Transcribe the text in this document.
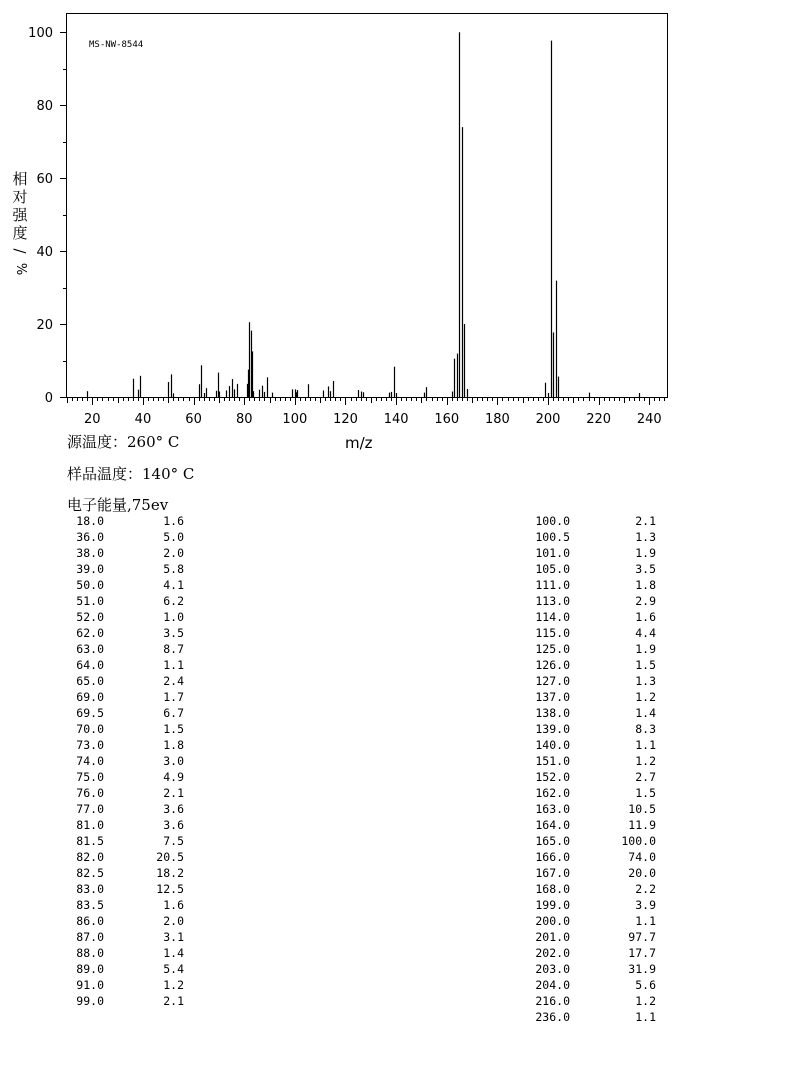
0
20
40
60
80
100
20	40	60	80 100 120 140 160 180 200 220 240
MS-NW-8544
相
对
强
度
/
%
m/z
源温度：260° C
样品温度：140° C
电子能量,75ev
18.0	1.6
36.0	5.0
38.0	2.0
39.0	5.8
50.0	4.1
51.0	6.2
52.0	1.0
62.0	3.5
63.0	8.7
64.0	1.1
65.0	2.4
69.0	1.7
69.5	6.7
70.0	1.5
73.0	1.8
74.0	3.0
75.0	4.9
76.0	2.1
77.0	3.6
81.0	3.6
81.5	7.5
82.0	20.5
82.5	18.2
83.0	12.5
83.5	1.6
86.0	2.0
87.0	3.1
88.0	1.4
89.0	5.4
91.0	1.2
99.0	2.1
100.0	2.1
100.5	1.3
101.0	1.9
105.0	3.5
111.0	1.8
113.0	2.9
114.0	1.6
115.0	4.4
125.0	1.9
126.0	1.5
127.0	1.3
137.0	1.2
138.0	1.4
139.0	8.3
140.0	1.1
151.0	1.2
152.0	2.7
162.0	1.5
163.0	10.5
164.0	11.9
165.0	100.0
166.0	74.0
167.0	20.0
168.0	2.2
199.0	3.9
200.0	1.1
201.0	97.7
202.0	17.7
203.0	31.9
204.0	5.6
216.0	1.2
236.0	1.1
